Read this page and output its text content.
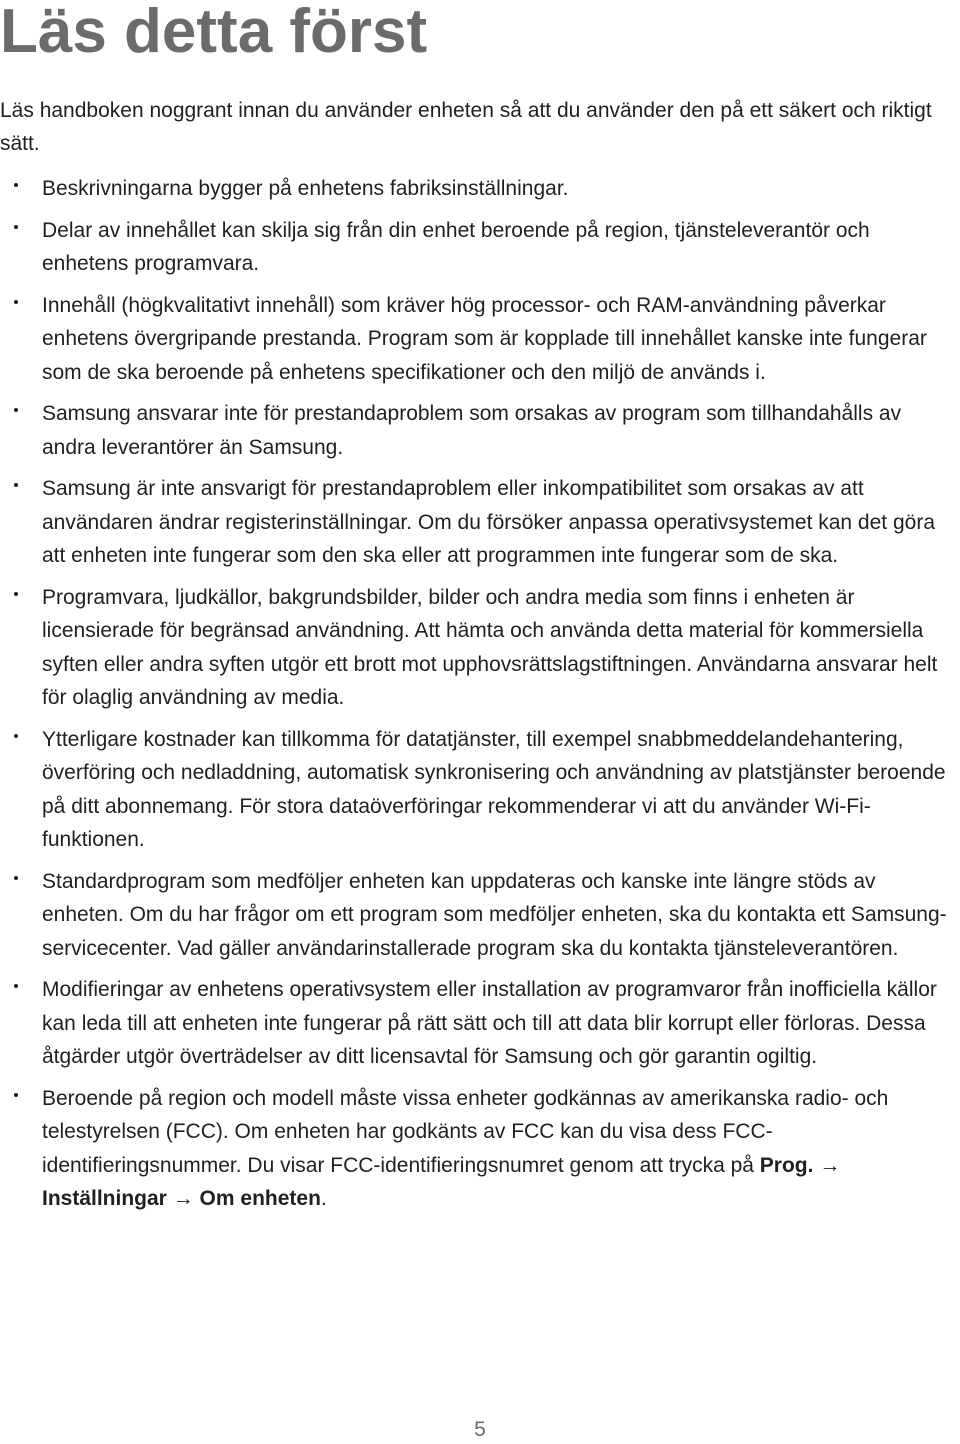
Läs detta först

Läs handboken noggrant innan du använder enheten så att du använder den på ett säkert och riktigt sätt.

Beskrivningarna bygger på enhetens fabriksinställningar.
Delar av innehållet kan skilja sig från din enhet beroende på region, tjänsteleverantör och enhetens programvara.
Innehåll (högkvalitativt innehåll) som kräver hög processor- och RAM-användning påverkar enhetens övergripande prestanda. Program som är kopplade till innehållet kanske inte fungerar som de ska beroende på enhetens specifikationer och den miljö de används i.
Samsung ansvarar inte för prestandaproblem som orsakas av program som tillhandahålls av andra leverantörer än Samsung.
Samsung är inte ansvarigt för prestandaproblem eller inkompatibilitet som orsakas av att användaren ändrar registerinställningar. Om du försöker anpassa operativsystemet kan det göra att enheten inte fungerar som den ska eller att programmen inte fungerar som de ska.
Programvara, ljudkällor, bakgrundsbilder, bilder och andra media som finns i enheten är licensierade för begränsad användning. Att hämta och använda detta material för kommersiella syften eller andra syften utgör ett brott mot upphovsrättslagstiftningen. Användarna ansvarar helt för olaglig användning av media.
Ytterligare kostnader kan tillkomma för datatjänster, till exempel snabbmeddelandehantering, överföring och nedladdning, automatisk synkronisering och användning av platstjänster beroende på ditt abonnemang. För stora dataöverföringar rekommenderar vi att du använder Wi-Fi-funktionen.
Standardprogram som medföljer enheten kan uppdateras och kanske inte längre stöds av enheten. Om du har frågor om ett program som medföljer enheten, ska du kontakta ett Samsung-servicecenter. Vad gäller användarinstallerade program ska du kontakta tjänsteleverantören.
Modifieringar av enhetens operativsystem eller installation av programvaror från inofficiella källor kan leda till att enheten inte fungerar på rätt sätt och till att data blir korrupt eller förloras. Dessa åtgärder utgör överträdelser av ditt licensavtal för Samsung och gör garantin ogiltig.
Beroende på region och modell måste vissa enheter godkännas av amerikanska radio- och telestyrelsen (FCC). Om enheten har godkänts av FCC kan du visa dess FCC-identifieringsnummer. Du visar FCC-identifieringsnumret genom att trycka på Prog. → Inställningar → Om enheten.
5
